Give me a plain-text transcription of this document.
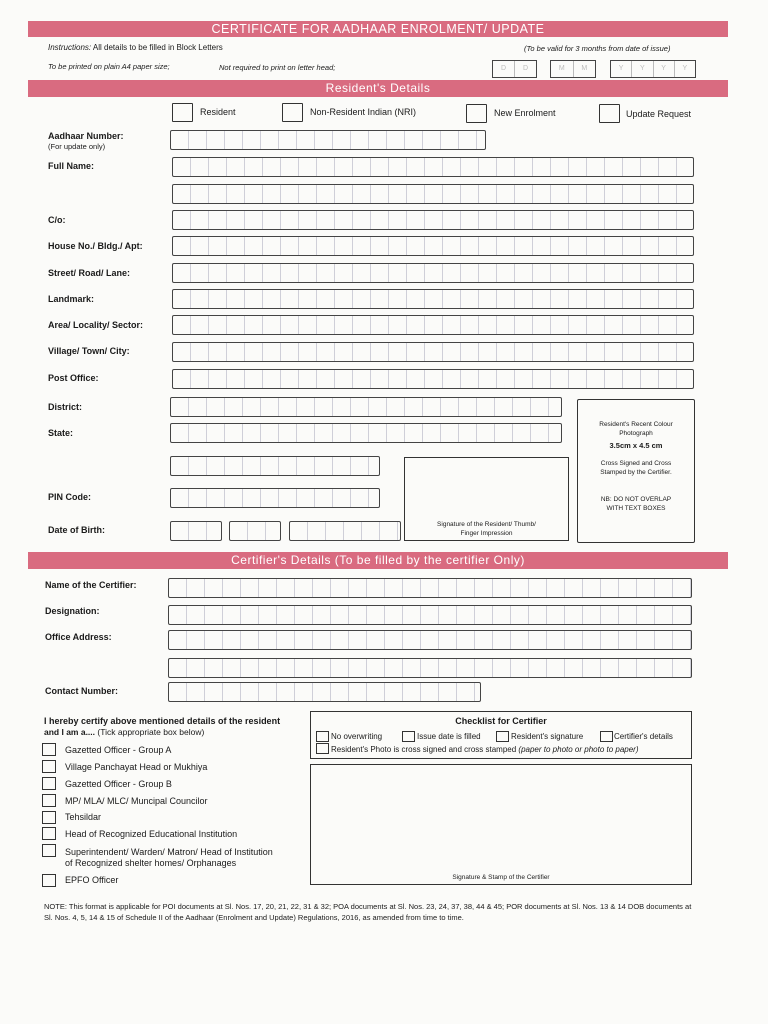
CERTIFICATE FOR AADHAAR ENROLMENT/ UPDATE
Instructions: All details to be filled in Block Letters	(To be valid for 3 months from date of issue)
To be printed on plain A4 paper size;	Not required to print on letter head;	D	D	M	M	Y	Y	Y	Y
Resident's Details
Resident	Non-Resident Indian (NRI)	New Enrolment	Update Request
Aadhaar Number:
(For update only)
Full Name:
C/o:
House No./ Bldg./ Apt:
Street/ Road/ Lane:
Landmark:
Area/ Locality/ Sector:
Village/ Town/ City:
Post Office:
District:
State:
PIN Code:
Date of Birth:
Signature of the Resident/ Thumb/ Finger Impression
Resident's Recent Colour Photograph
3.5cm x 4.5 cm
Cross Signed and Cross Stamped by the Certifier.
NB: DO NOT OVERLAP WITH TEXT BOXES
Certifier's Details (To be filled by the certifier Only)
Name of the Certifier:
Designation:
Office Address:
Contact Number:
I hereby certify above mentioned details of the resident
and I am a.... (Tick appropriate box below)
Gazetted Officer - Group A
Village Panchayat Head or Mukhiya
Gazetted Officer - Group B
MP/ MLA/ MLC/ Muncipal Councilor
Tehsildar
Head of Recognized Educational Institution
Superintendent/ Warden/ Matron/ Head of Institution
of Recognized shelter homes/ Orphanages
EPFO Officer
Checklist for Certifier
No overwriting	Issue date is filled	Resident's signature	Certifier's details
Resident's Photo is cross signed and cross stamped (paper to photo or photo to paper)
Signature & Stamp of the Certifier
NOTE: This format is applicable for POI documents at Sl. Nos. 17, 20, 21, 22, 31 & 32; POA documents at Sl. Nos. 23, 24, 37, 38, 44 & 45; POR documents at Sl. Nos. 13 & 14 DOB documents at Sl. Nos. 4, 5, 14 & 15 of Schedule II of the Aadhaar (Enrolment and Update) Regulations, 2016, as amended from time to time.
